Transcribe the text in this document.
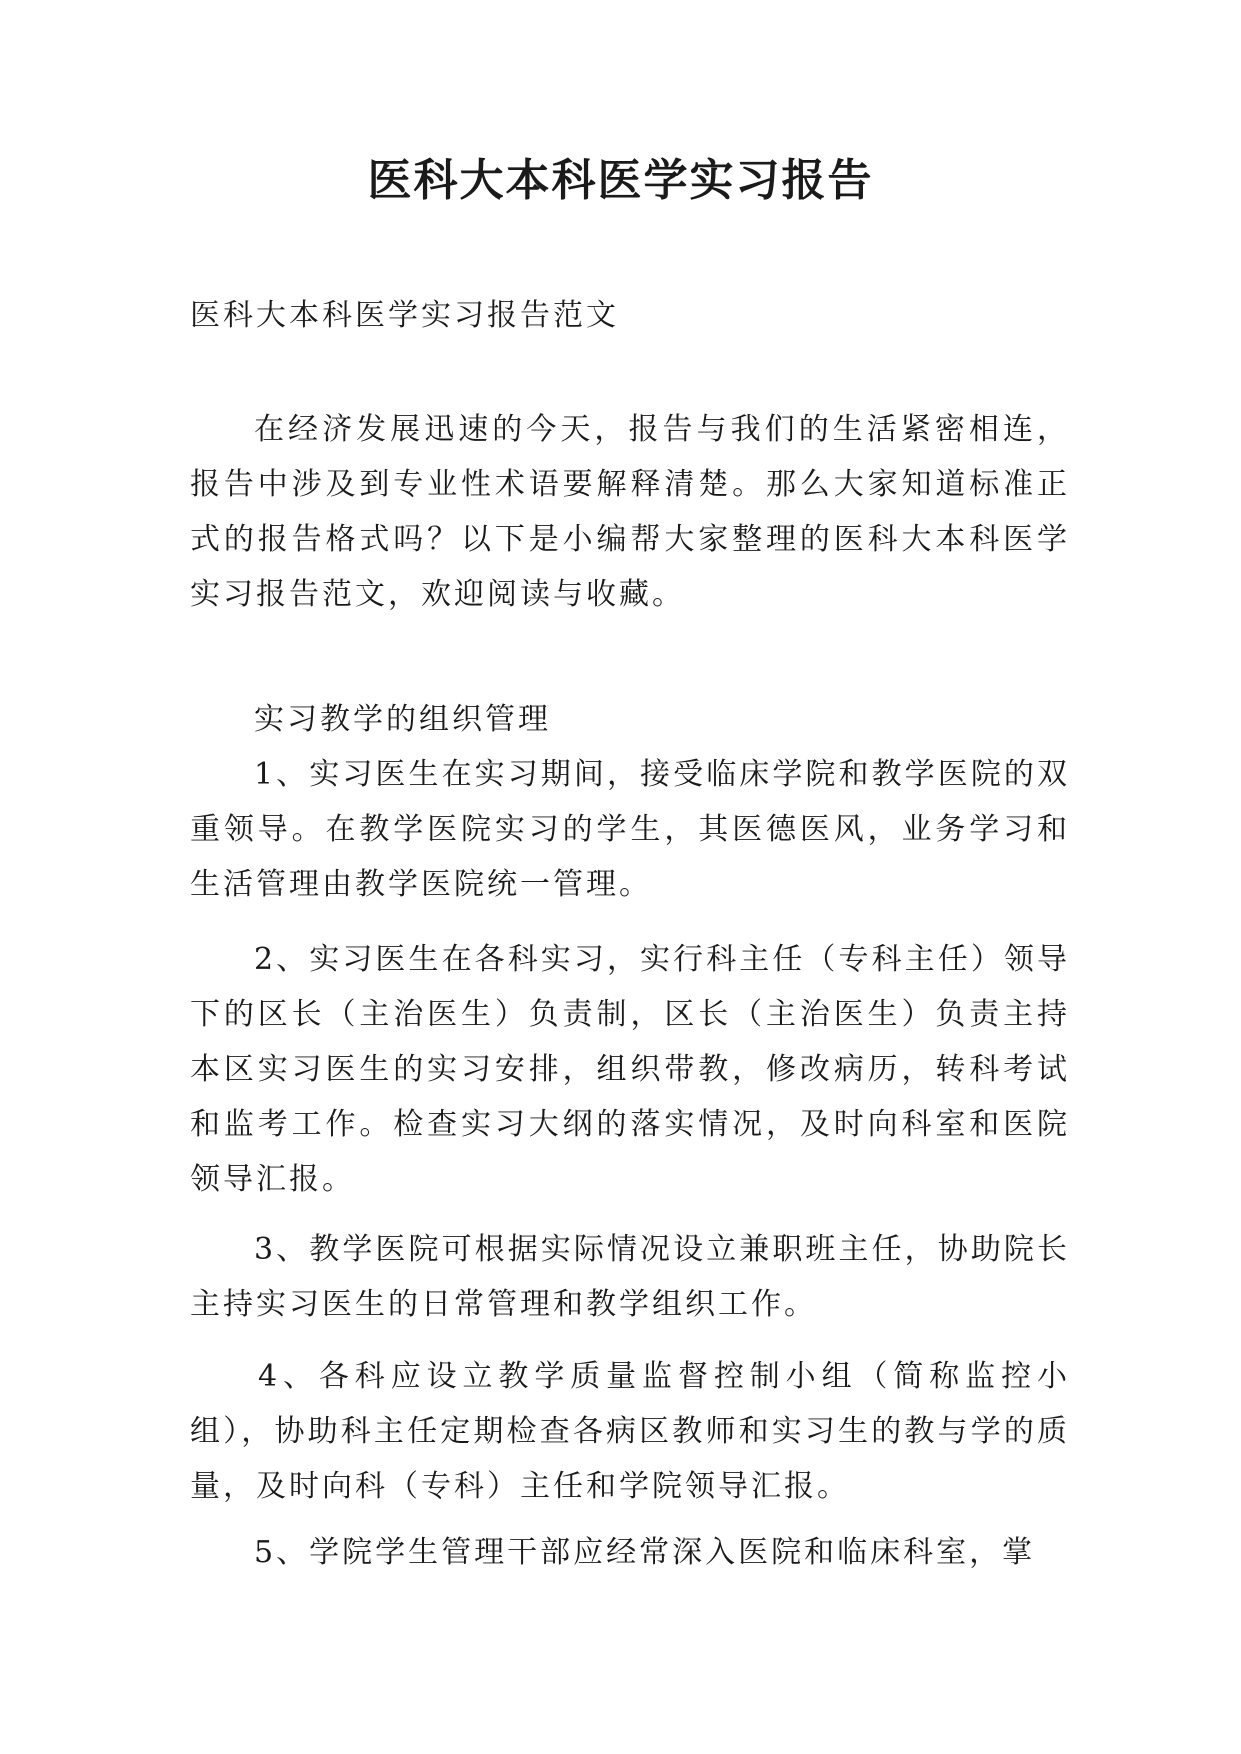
医科大本科医学实习报告

医科大本科医学实习报告范文

在经济发展迅速的今天，报告与我们的生活紧密相连，报告中涉及到专业性术语要解释清楚。那么大家知道标准正式的报告格式吗？以下是小编帮大家整理的医科大本科医学实习报告范文，欢迎阅读与收藏。

实习教学的组织管理

1、实习医生在实习期间，接受临床学院和教学医院的双重领导。在教学医院实习的学生，其医德医风，业务学习和生活管理由教学医院统一管理。

2、实习医生在各科实习，实行科主任（专科主任）领导下的区长（主治医生）负责制，区长（主治医生）负责主持本区实习医生的实习安排，组织带教，修改病历，转科考试和监考工作。检查实习大纲的落实情况，及时向科室和医院领导汇报。

3、教学医院可根据实际情况设立兼职班主任，协助院长主持实习医生的日常管理和教学组织工作。

4、各科应设立教学质量监督控制小组（简称监控小组），协助科主任定期检查各病区教师和实习生的教与学的质量，及时向科（专科）主任和学院领导汇报。

5、学院学生管理干部应经常深入医院和临床科室，掌
